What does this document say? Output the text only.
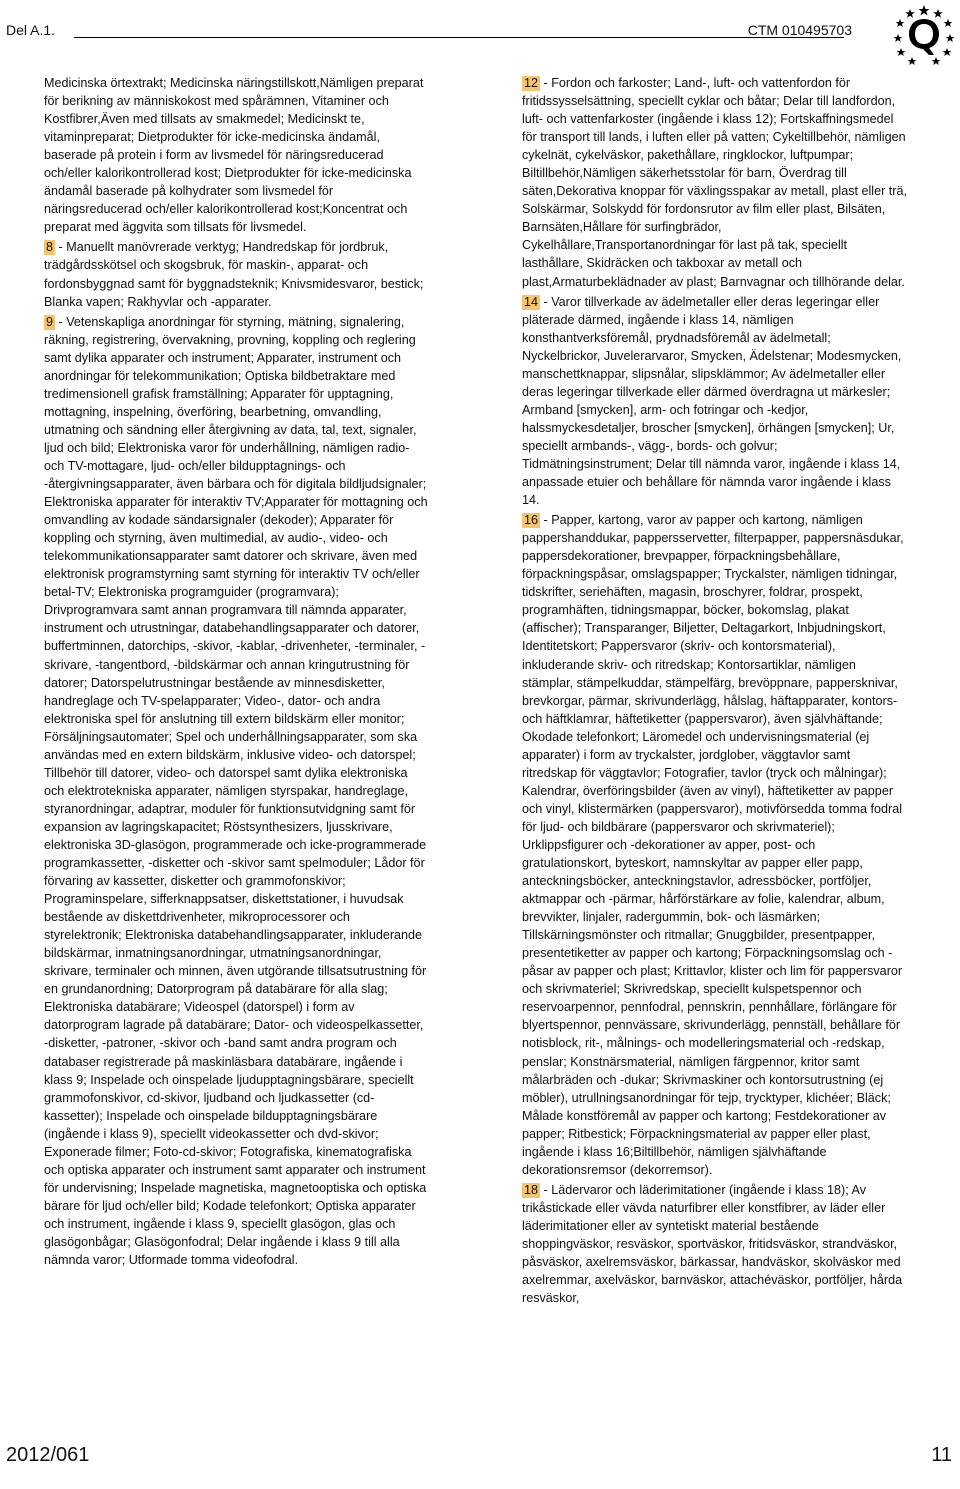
Del A.1.	CTM 010495703

Medicinska örtextrakt; Medicinska näringstillskott,Nämligen preparat för berikning av människokost med spårämnen, Vitaminer och Kostfibrer,Även med tillsats av smakmedel; Medicinskt te, vitaminpreparat; Dietprodukter för icke-medicinska ändamål, baserade på protein i form av livsmedel för näringsreducerad och/eller kalorikontrollerad kost; Dietprodukter för icke-medicinska ändamål baserade på kolhydrater som livsmedel för näringsreducerad och/eller kalorikontrollerad kost;Koncentrat och preparat med äggvita som tillsats för livsmedel.

8 - Manuellt manövrerade verktyg; Handredskap för jordbruk, trädgårdsskötsel och skogsbruk, för maskin-, apparat- och fordonsbyggnad samt för byggnadsteknik; Knivsmidesvaror, bestick; Blanka vapen; Rakhyvlar och -apparater.

9 - Vetenskapliga anordningar för styrning, mätning, signalering, räkning, registrering, övervakning, provning, koppling och reglering samt dylika apparater och instrument; Apparater, instrument och anordningar för telekommunikation; Optiska bildbetraktare med tredimensionell grafisk framställning; Apparater för upptagning, mottagning, inspelning, överföring, bearbetning, omvandling, utmatning och sändning eller återgivning av data, tal, text, signaler, ljud och bild; Elektroniska varor för underhållning, nämligen radio- och TV-mottagare, ljud- och/eller bildupptagnings- och -återgivningsapparater, även bärbara och för digitala bildljudsignaler; Elektroniska apparater för interaktiv TV;Apparater för mottagning och omvandling av kodade sändarsignaler (dekoder); Apparater för koppling och styrning, även multimedial, av audio-, video- och telekommunikationsapparater samt datorer och skrivare, även med elektronisk programstyrning samt styrning för interaktiv TV och/eller betal-TV; Elektroniska programguider (programvara); Drivprogramvara samt annan programvara till nämnda apparater, instrument och utrustningar, databehandlingsapparater och datorer, buffertminnen, datorchips, -skivor, -kablar, -drivenheter, -terminaler, -skrivare, -tangentbord, -bildskärmar och annan kringutrustning för datorer; Datorspelutrustningar bestående av minnesdisketter, handreglage och TV-spelapparater; Video-, dator- och andra elektroniska spel för anslutning till extern bildskärm eller monitor; Försäljningsautomater; Spel och underhållningsapparater, som ska användas med en extern bildskärm, inklusive video- och datorspel; Tillbehör till datorer, video- och datorspel samt dylika elektroniska och elektrotekniska apparater, nämligen styrspakar, handreglage, styranordningar, adaptrar, moduler för funktionsutvidgning samt för expansion av lagringskapacitet; Röstsynthesizers, ljusskrivare, elektroniska 3D-glasögon, programmerade och icke-programmerade programkassetter, -disketter och -skivor samt spelmoduler; Lådor för förvaring av kassetter, disketter och grammofonskivor; Programinspelare, sifferknappsatser, diskettstationer, i huvudsak bestående av diskettdrivenheter, mikroprocessorer och styrelektronik; Elektroniska databehandlingsapparater, inkluderande bildskärmar, inmatningsanordningar, utmatningsanordningar, skrivare, terminaler och minnen, även utgörande tillsatsutrustning för en grundanordning; Datorprogram på databärare för alla slag; Elektroniska databärare; Videospel (datorspel) i form av datorprogram lagrade på databärare; Dator- och videospelkassetter, -disketter, -patroner, -skivor och -band samt andra program och databaser registrerade på maskinläsbara databärare, ingående i klass 9; Inspelade och oinspelade ljudupptagningsbärare, speciellt grammofonskivor, cd-skivor, ljudband och ljudkassetter (cd-kassetter); Inspelade och oinspelade bildupptagningsbärare (ingående i klass 9), speciellt videokassetter och dvd-skivor; Exponerade filmer; Foto-cd-skivor; Fotografiska, kinematografiska och optiska apparater och instrument samt apparater och instrument för undervisning; Inspelade magnetiska, magnetooptiska och optiska bärare för ljud och/eller bild; Kodade telefonkort; Optiska apparater och instrument, ingående i klass 9, speciellt glasögon, glas och glasögonbågar; Glasögonfodral; Delar ingående i klass 9 till alla nämnda varor; Utformade tomma videofodral.

12 - Fordon och farkoster; Land-, luft- och vattenfordon för fritidssysselsättning, speciellt cyklar och båtar; Delar till landfordon, luft- och vattenfarkoster (ingående i klass 12); Fortskaffningsmedel för transport till lands, i luften eller på vatten; Cykeltillbehör, nämligen cykelnät, cykelväskor, pakethållare, ringklockor, luftpumpar; Biltillbehör,Nämligen säkerhetsstolar för barn, Överdrag till säten,Dekorativa knoppar för växlingsspakar av metall, plast eller trä, Solskärmar, Solskydd för fordonsrutor av film eller plast, Bilsäten, Barnsäten,Hållare för surfingbrädor, Cykelhållare,Transportanordningar för last på tak, speciellt lasthållare, Skidräcken och takboxar av metall och plast,Armaturbeklädnader av plast; Barnvagnar och tillhörande delar.

14 - Varor tillverkade av ädelmetaller eller deras legeringar eller pläterade därmed, ingående i klass 14, nämligen konsthantverksföremål, prydnadsföremål av ädelmetall; Nyckelbrickor, Juvelerarvaror, Smycken, Ädelstenar; Modesmycken, manschettknappar, slipsnålar, slipsklämmor; Av ädelmetaller eller deras legeringar tillverkade eller därmed överdragna ut märkesler; Armband [smycken], arm- och fotringar och -kedjor, halssmyckesdetaljer, broscher [smycken], örhängen [smycken]; Ur, speciellt armbands-, vägg-, bords- och golvur; Tidmätningsinstrument; Delar till nämnda varor, ingående i klass 14, anpassade etuier och behållare för nämnda varor ingående i klass 14.

16 - Papper, kartong, varor av papper och kartong, nämligen pappershanddukar, pappersservetter, filterpapper, pappersnäsdukar, pappersdekorationer, brevpapper, förpackningsbehållare, förpackningspåsar, omslagspapper; Tryckalster, nämligen tidningar, tidskrifter, seriehäften, magasin, broschyrer, foldrar, prospekt, programhäften, tidningsmappar, böcker, bokomslag, plakat (affischer); Transparanger, Biljetter, Deltagarkort, Inbjudningskort, Identitetskort; Pappersvaror (skriv- och kontorsmaterial), inkluderande skriv- och ritredskap; Kontorsartiklar, nämligen stämplar, stämpelkuddar, stämpelfärg, brevöppnare, pappersknivar, brevkorgar, pärmar, skrivunderlägg, hålslag, häftapparater, kontors- och häftklamrar, häftetiketter (pappersvaror), även självhäftande; Okodade telefonkort; Läromedel och undervisningsmaterial (ej apparater) i form av tryckalster, jordglober, väggtavlor samt ritredskap för väggtavlor; Fotografier, tavlor (tryck och målningar); Kalendrar, överföringsbilder (även av vinyl), häftetiketter av papper och vinyl, klistermärken (pappersvaror), motivförsedda tomma fodral för ljud- och bildbärare (pappersvaror och skrivmateriel); Urklippsfigurer och -dekorationer av apper, post- och gratulationskort, byteskort, namnskyltar av papper eller papp, anteckningsböcker, anteckningstavlor, adressböcker, portföljer, aktmappar och -pärmar, hårförstärkare av folie, kalendrar, album, brevvikter, linjaler, radergummin, bok- och läsmärken; Tillskärningsmönster och ritmallar; Gnuggbilder, presentpapper, presentetiketter av papper och kartong; Förpackningsomslag och -påsar av papper och plast; Krittavlor, klister och lim för pappersvaror och skrivmateriel; Skrivredskap, speciellt kulspetspennor och reservoarpennor, pennfodral, pennskrin, pennhållare, förlängare för blyertspennor, pennvässare, skrivunderlägg, pennställ, behållare för notisblock, rit-, målnings- och modelleringsmaterial och -redskap, penslar; Konstnärsmaterial, nämligen färgpennor, kritor samt målarbräden och -dukar; Skrivmaskiner och kontorsutrustning (ej möbler), utrullningsanordningar för tejp, trycktyper, klichéer; Bläck; Målade konstföremål av papper och kartong; Festdekorationer av papper; Ritbestick; Förpackningsmaterial av papper eller plast, ingående i klass 16;Biltillbehör, nämligen självhäftande dekorationsremsor (dekorremsor).

18 - Lädervaror och läderimitationer (ingående i klass 18); Av trikåstickade eller vävda naturfibrer eller konstfibrer, av läder eller läderimitationer eller av syntetiskt material bestående shoppingväskor, resväskor, sportväskor, fritidsväskor, strandväskor, påsväskor, axelremsväskor, bärkassar, handväskor, skolväskor med axelremmar, axelväskor, barnväskor, attachéväskor, portföljer, hårda resväskor,

2012/061	11
